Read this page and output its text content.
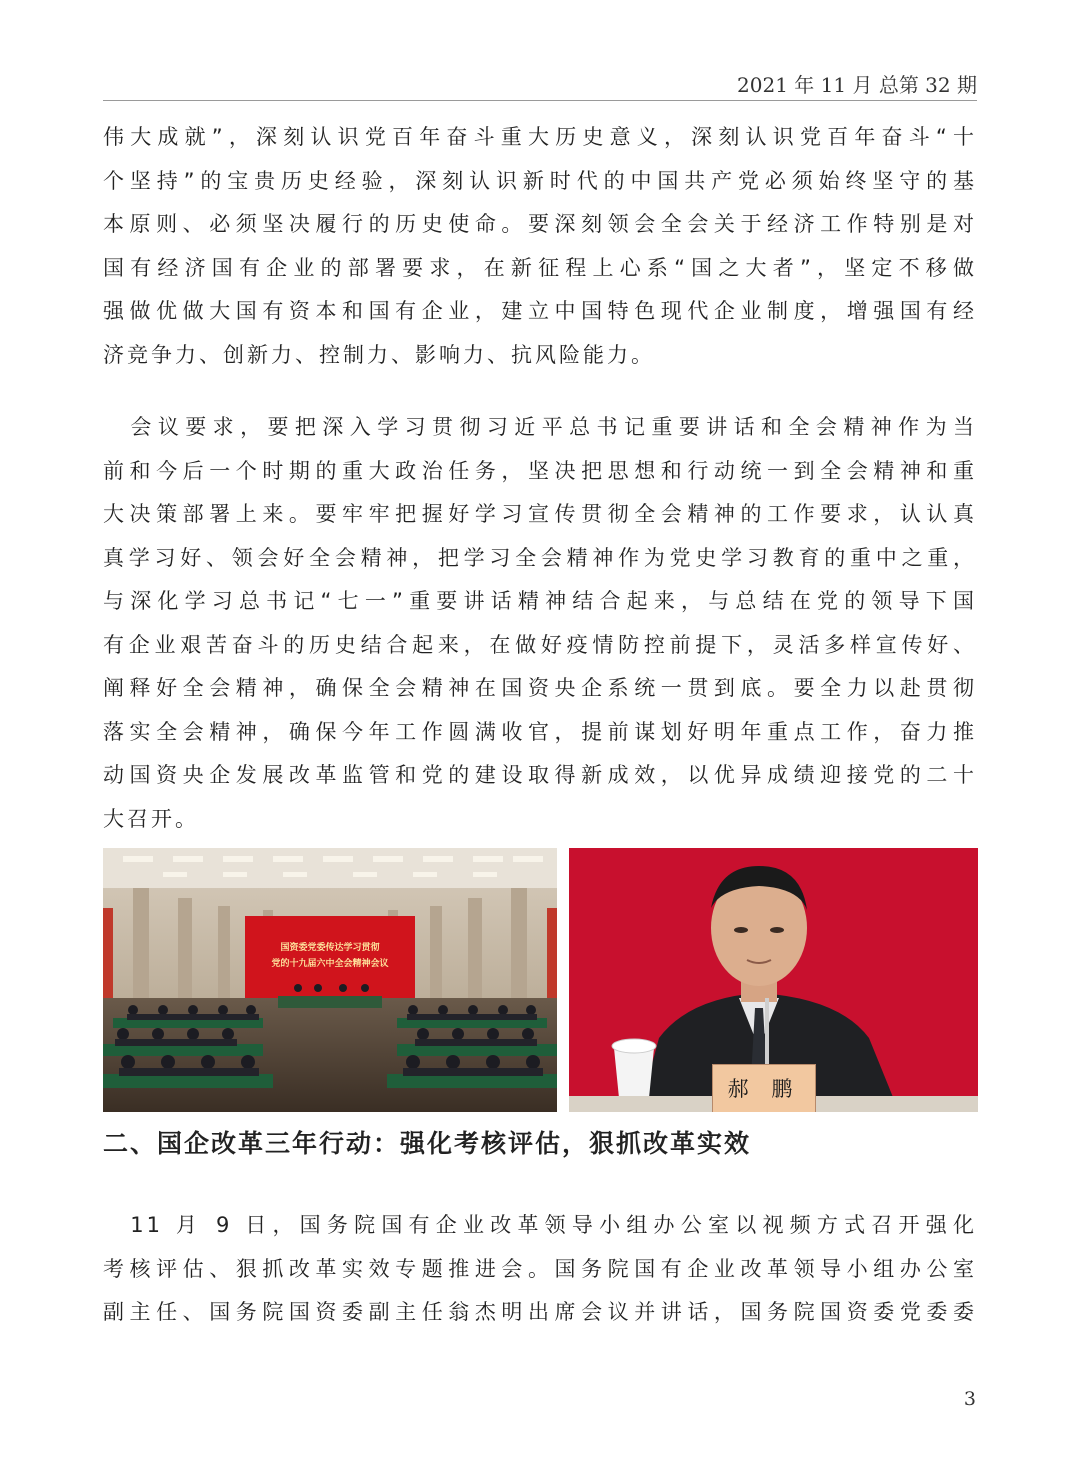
2021 年 11 月 总第 32 期
伟大成就”，深刻认识党百年奋斗重大历史意义，深刻认识党百年奋斗“十
个坚持”的宝贵历史经验，深刻认识新时代的中国共产党必须始终坚守的基
本原则、必须坚决履行的历史使命。要深刻领会全会关于经济工作特别是对
国有经济国有企业的部署要求，在新征程上心系“国之大者”，坚定不移做
强做优做大国有资本和国有企业，建立中国特色现代企业制度，增强国有经
济竞争力、创新力、控制力、影响力、抗风险能力。
　会议要求，要把深入学习贯彻习近平总书记重要讲话和全会精神作为当
前和今后一个时期的重大政治任务，坚决把思想和行动统一到全会精神和重
大决策部署上来。要牢牢把握好学习宣传贯彻全会精神的工作要求，认认真
真学习好、领会好全会精神，把学习全会精神作为党史学习教育的重中之重，
与深化学习总书记“七一”重要讲话精神结合起来，与总结在党的领导下国
有企业艰苦奋斗的历史结合起来，在做好疫情防控前提下，灵活多样宣传好、
阐释好全会精神，确保全会精神在国资央企系统一贯到底。要全力以赴贯彻
落实全会精神，确保今年工作圆满收官，提前谋划好明年重点工作，奋力推
动国资央企发展改革监管和党的建设取得新成效，以优异成绩迎接党的二十
大召开。
国资委党委传达学习贯彻
党的十九届六中全会精神会议
郝 鹏
二、国企改革三年行动：强化考核评估，狠抓改革实效
　11 月 9 日，国务院国有企业改革领导小组办公室以视频方式召开强化
考核评估、狠抓改革实效专题推进会。国务院国有企业改革领导小组办公室
副主任、国务院国资委副主任翁杰明出席会议并讲话，国务院国资委党委委
3
